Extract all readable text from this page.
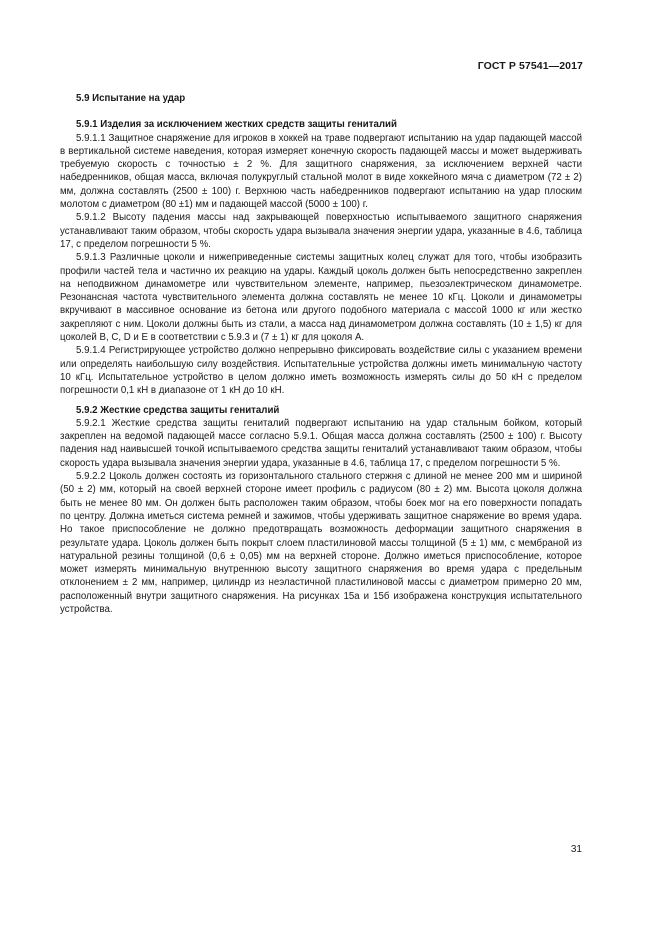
ГОСТ Р 57541—2017
5.9 Испытание на удар
5.9.1 Изделия за исключением жестких средств защиты гениталий

5.9.1.1 Защитное снаряжение для игроков в хоккей на траве подвергают испытанию на удар падающей массой в вертикальной системе наведения, которая измеряет конечную скорость падающей массы и может выдерживать требуемую скорость с точностью ± 2 %. Для защитного снаряжения, за исключением верхней части набедренников, общая масса, включая полукруглый стальной молот в виде хоккейного мяча с диаметром (72 ± 2) мм, должна составлять (2500 ± 100) г. Верхнюю часть набедренников подвергают испытанию на удар плоским молотом с диаметром (80 ±1) мм и падающей массой (5000 ± 100) г.

5.9.1.2 Высоту падения массы над закрывающей поверхностью испытываемого защитного снаряжения устанавливают таким образом, чтобы скорость удара вызывала значения энергии удара, указанные в 4.6, таблица 17, с пределом погрешности 5 %.

5.9.1.3 Различные цоколи и нижеприведенные системы защитных колец служат для того, чтобы изобразить профили частей тела и частично их реакцию на удары. Каждый цоколь должен быть непосредственно закреплен на неподвижном динамометре или чувствительном элементе, например, пьезоэлектрическом динамометре. Резонансная частота чувствительного элемента должна составлять не менее 10 кГц. Цоколи и динамометры вкручивают в массивное основание из бетона или другого подобного материала с массой 1000 кг или жестко закрепляют с ним. Цоколи должны быть из стали, а масса над динамометром должна составлять (10 ± 1,5) кг для цоколей B, C, D и E в соответствии с 5.9.3 и (7 ± 1) кг для цоколя A.

5.9.1.4 Регистрирующее устройство должно непрерывно фиксировать воздействие силы с указанием времени или определять наибольшую силу воздействия. Испытательные устройства должны иметь минимальную частоту 10 кГц. Испытательное устройство в целом должно иметь возможность измерять силы до 50 кН с пределом погрешности 0,1 кН в диапазоне от 1 кН до 10 кН.

5.9.2 Жесткие средства защиты гениталий

5.9.2.1 Жесткие средства защиты гениталий подвергают испытанию на удар стальным бойком, который закреплен на ведомой падающей массе согласно 5.9.1. Общая масса должна составлять (2500 ± 100) г. Высоту падения над наивысшей точкой испытываемого средства защиты гениталий устанавливают таким образом, чтобы скорость удара вызывала значения энергии удара, указанные в 4.6, таблица 17, с пределом погрешности 5 %.

5.9.2.2 Цоколь должен состоять из горизонтального стального стержня с длиной не менее 200 мм и шириной (50 ± 2) мм, который на своей верхней стороне имеет профиль с радиусом (80 ± 2) мм. Высота цоколя должна быть не менее 80 мм. Он должен быть расположен таким образом, чтобы боек мог на его поверхности попадать по центру. Должна иметься система ремней и зажимов, чтобы удерживать защитное снаряжение во время удара. Но такое приспособление не должно предотвращать возможность деформации защитного снаряжения в результате удара. Цоколь должен быть покрыт слоем пластилиновой массы толщиной (5 ± 1) мм, с мембраной из натуральной резины толщиной (0,6 ± 0,05) мм на верхней стороне. Должно иметься приспособление, которое может измерять минимальную внутреннюю высоту защитного снаряжения во время удара с предельным отклонением ± 2 мм, например, цилиндр из неэластичной пластилиновой массы с диаметром примерно 20 мм, расположенный внутри защитного снаряжения. На рисунках 15а и 15б изображена конструкция испытательного устройства.

31
